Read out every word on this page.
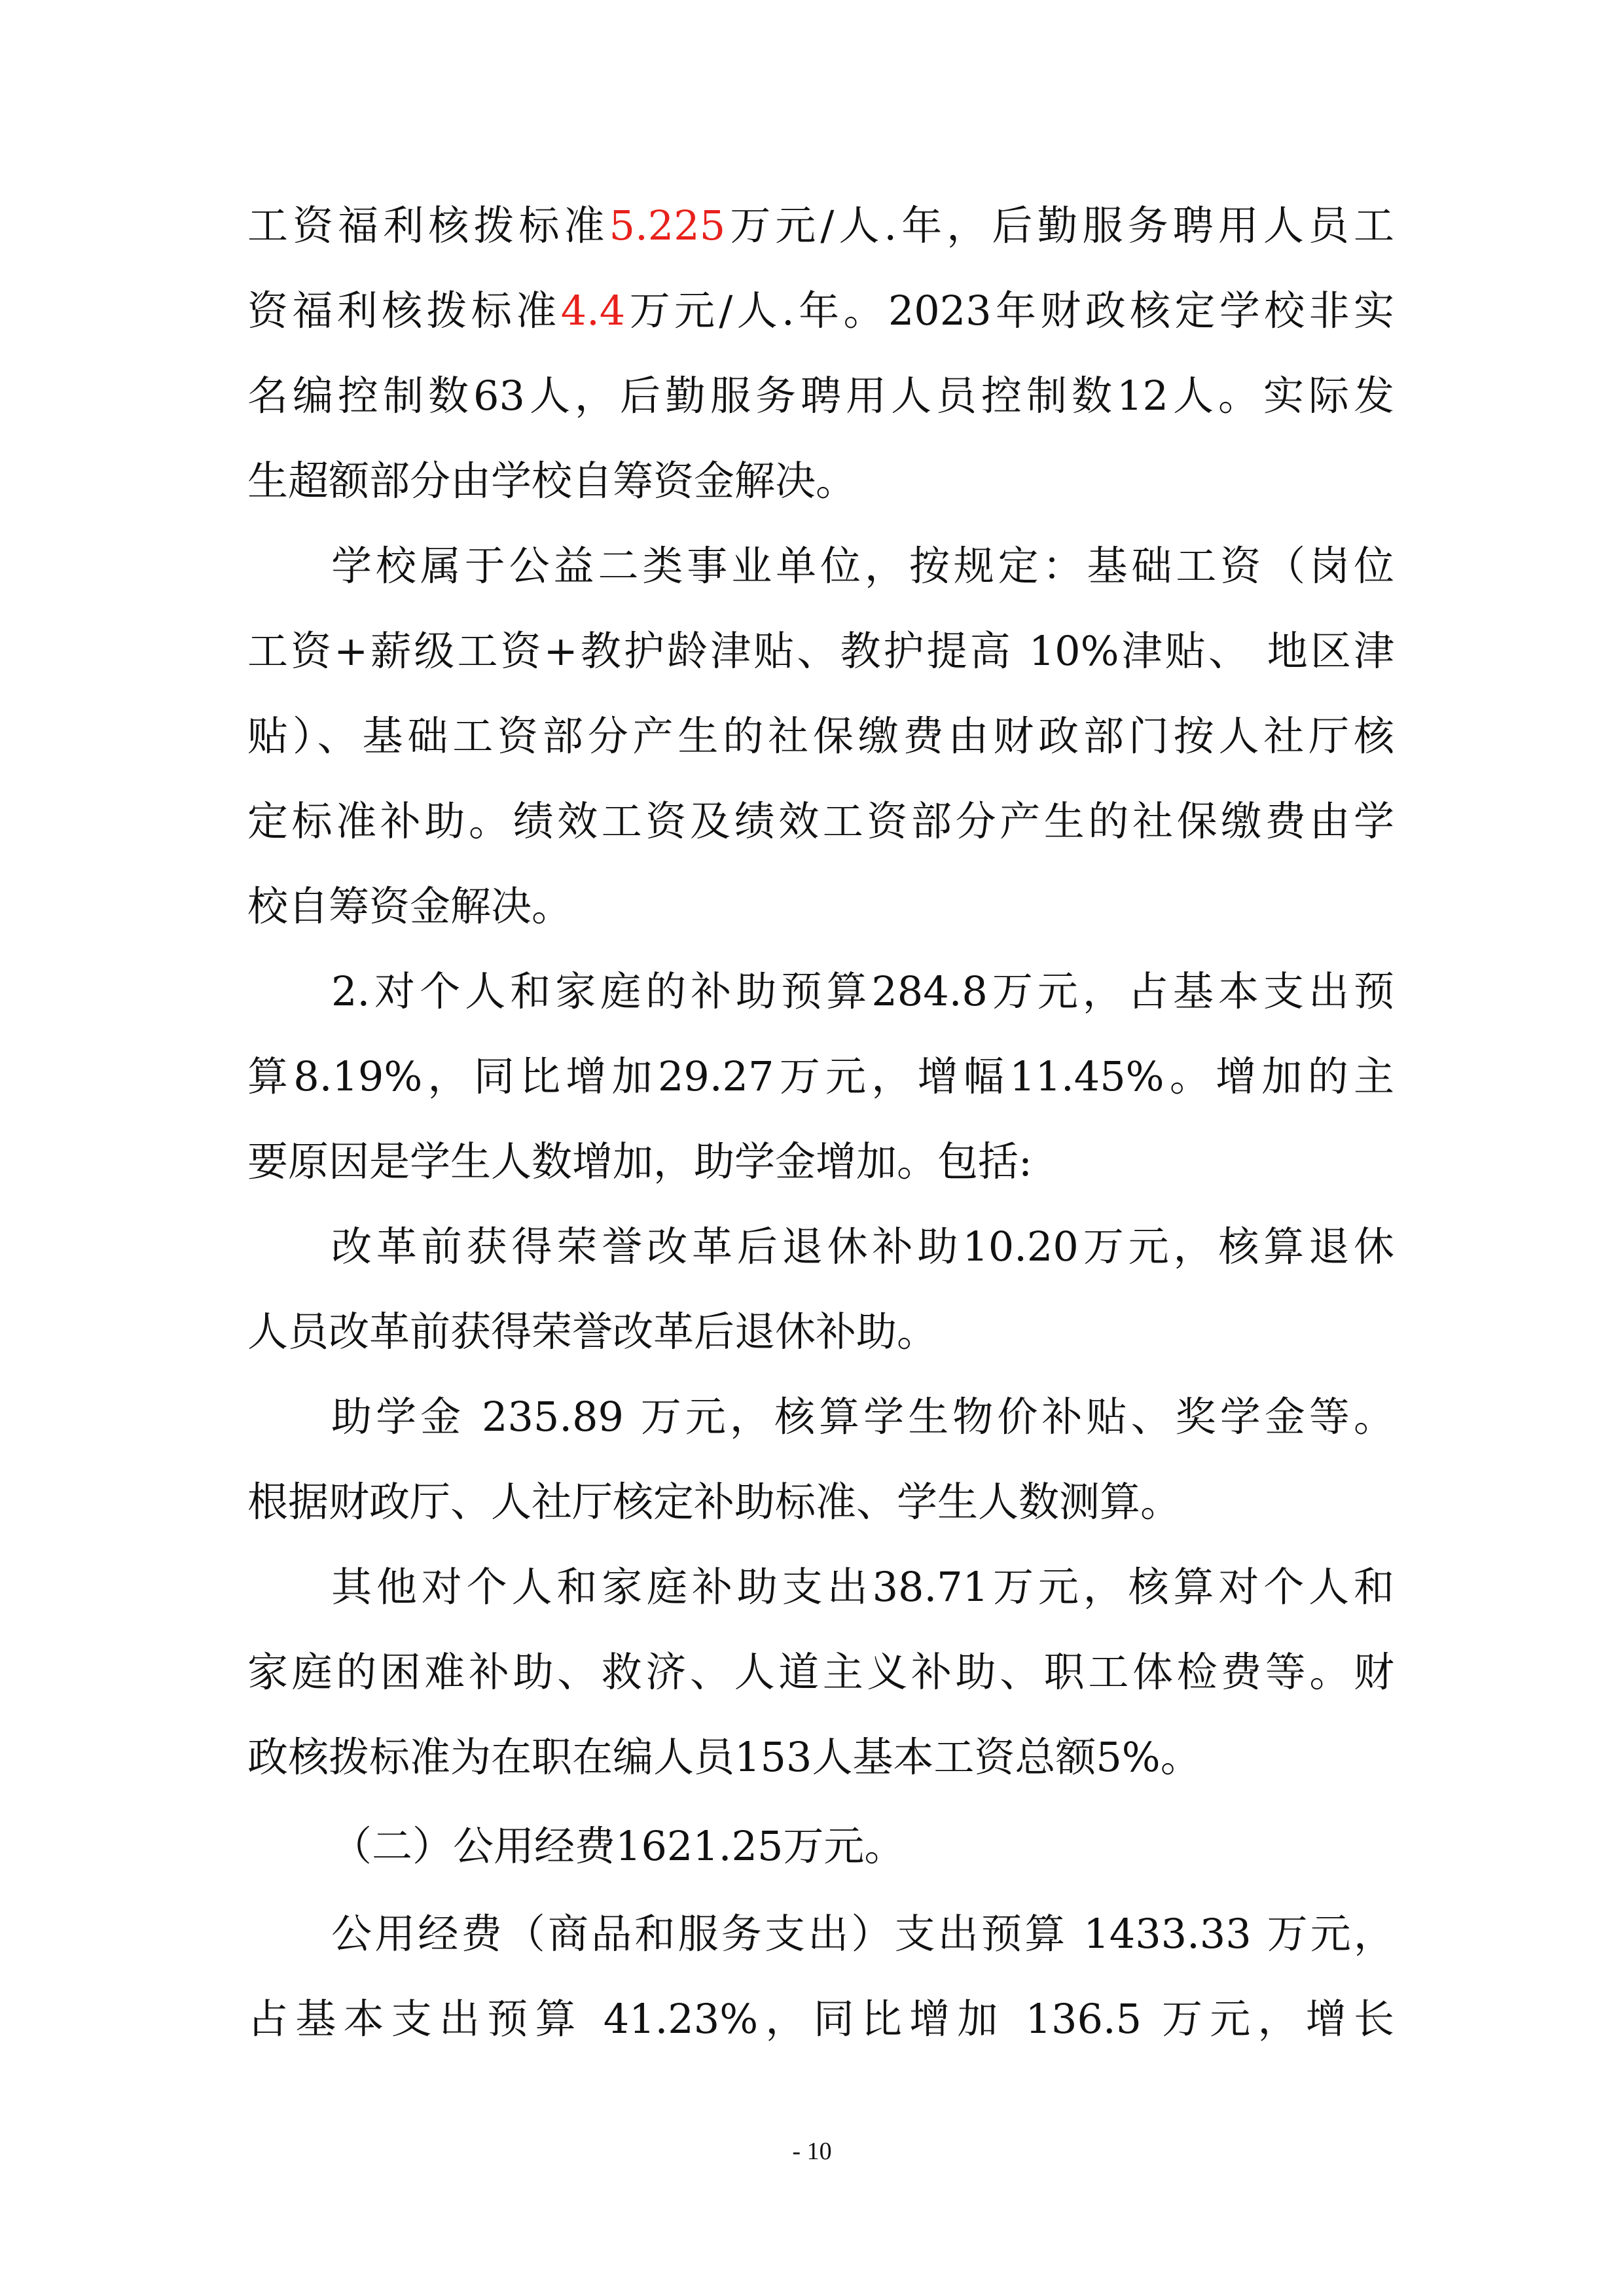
工资福利核拨标准5.225万元/人.年，后勤服务聘用人员工
资福利核拨标准4.4万元/人.年。2023年财政核定学校非实
名编控制数63人，后勤服务聘用人员控制数12人。实际发
生超额部分由学校自筹资金解决。
学校属于公益二类事业单位，按规定：基础工资（岗位
工资+薪级工资+教护龄津贴、教护提高 10%津贴、 地区津
贴）、基础工资部分产生的社保缴费由财政部门按人社厅核
定标准补助。绩效工资及绩效工资部分产生的社保缴费由学
校自筹资金解决。
2.对个人和家庭的补助预算284.8万元，占基本支出预
算8.19%，同比增加29.27万元，增幅11.45%。增加的主
要原因是学生人数增加，助学金增加。包括:
改革前获得荣誉改革后退休补助10.20万元，核算退休
人员改革前获得荣誉改革后退休补助。
助学金 235.89 万元，核算学生物价补贴、奖学金等。
根据财政厅、人社厅核定补助标准、学生人数测算。
其他对个人和家庭补助支出38.71万元，核算对个人和
家庭的困难补助、救济、人道主义补助、职工体检费等。财
政核拨标准为在职在编人员153人基本工资总额5%。
（二）公用经费1621.25万元。
公用经费（商品和服务支出）支出预算 1433.33 万元，
占基本支出预算 41.23%，同比增加 136.5 万元，增长
- 10
